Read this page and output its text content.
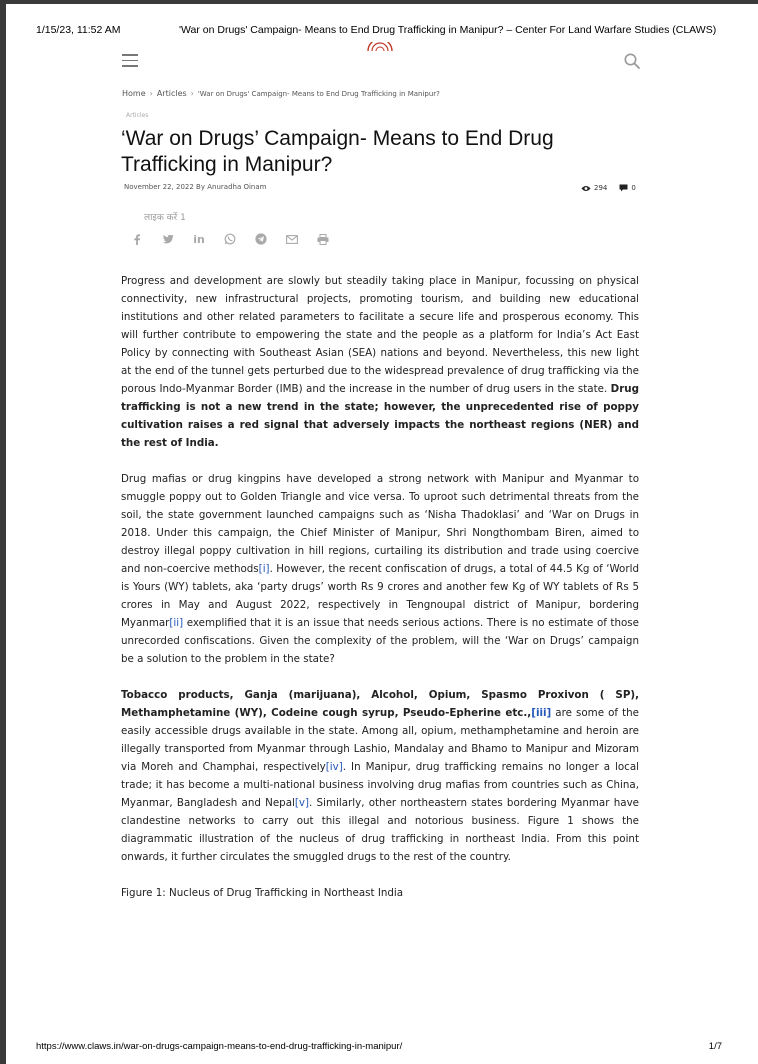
1/15/23, 11:52 AM	'War on Drugs' Campaign- Means to End Drug Trafficking in Manipur? – Center For Land Warfare Studies (CLAWS)
Home › Articles › 'War on Drugs' Campaign- Means to End Drug Trafficking in Manipur?
Articles
‘War on Drugs’ Campaign- Means to End Drug Trafficking in Manipur?
November 22, 2022 By Anuradha Oinam	294	0
लाइक करें 1
in

Progress and development are slowly but steadily taking place in Manipur, focussing on physical connectivity, new infrastructural projects, promoting tourism, and building new educational institutions and other related parameters to facilitate a secure life and prosperous economy. This will further contribute to empowering the state and the people as a platform for India’s Act East Policy by connecting with Southeast Asian (SEA) nations and beyond. Nevertheless, this new light at the end of the tunnel gets perturbed due to the widespread prevalence of drug trafficking via the porous Indo-Myanmar Border (IMB) and the increase in the number of drug users in the state. Drug trafficking is not a new trend in the state; however, the unprecedented rise of poppy cultivation raises a red signal that adversely impacts the northeast regions (NER) and the rest of India.

Drug mafias or drug kingpins have developed a strong network with Manipur and Myanmar to smuggle poppy out to Golden Triangle and vice versa. To uproot such detrimental threats from the soil, the state government launched campaigns such as ‘Nisha Thadoklasi’ and ‘War on Drugs in 2018. Under this campaign, the Chief Minister of Manipur, Shri Nongthombam Biren, aimed to destroy illegal poppy cultivation in hill regions, curtailing its distribution and trade using coercive and non-coercive methods[i]. However, the recent confiscation of drugs, a total of 44.5 Kg of ‘World is Yours (WY) tablets, aka ‘party drugs’ worth Rs 9 crores and another few Kg of WY tablets of Rs 5 crores in May and August 2022, respectively in Tengnoupal district of Manipur, bordering Myanmar[ii] exemplified that it is an issue that needs serious actions. There is no estimate of those unrecorded confiscations. Given the complexity of the problem, will the ‘War on Drugs’ campaign be a solution to the problem in the state?

Tobacco products, Ganja (marijuana), Alcohol, Opium, Spasmo Proxivon ( SP), Methamphetamine (WY), Codeine cough syrup, Pseudo-Epherine etc.,[iii] are some of the easily accessible drugs available in the state. Among all, opium, methamphetamine and heroin are illegally transported from Myanmar through Lashio, Mandalay and Bhamo to Manipur and Mizoram via Moreh and Champhai, respectively[iv]. In Manipur, drug trafficking remains no longer a local trade; it has become a multi-national business involving drug mafias from countries such as China, Myanmar, Bangladesh and Nepal[v]. Similarly, other northeastern states bordering Myanmar have clandestine networks to carry out this illegal and notorious business. Figure 1 shows the diagrammatic illustration of the nucleus of drug trafficking in northeast India. From this point onwards, it further circulates the smuggled drugs to the rest of the country.

Figure 1: Nucleus of Drug Trafficking in Northeast India

https://www.claws.in/war-on-drugs-campaign-means-to-end-drug-trafficking-in-manipur/	1/7
